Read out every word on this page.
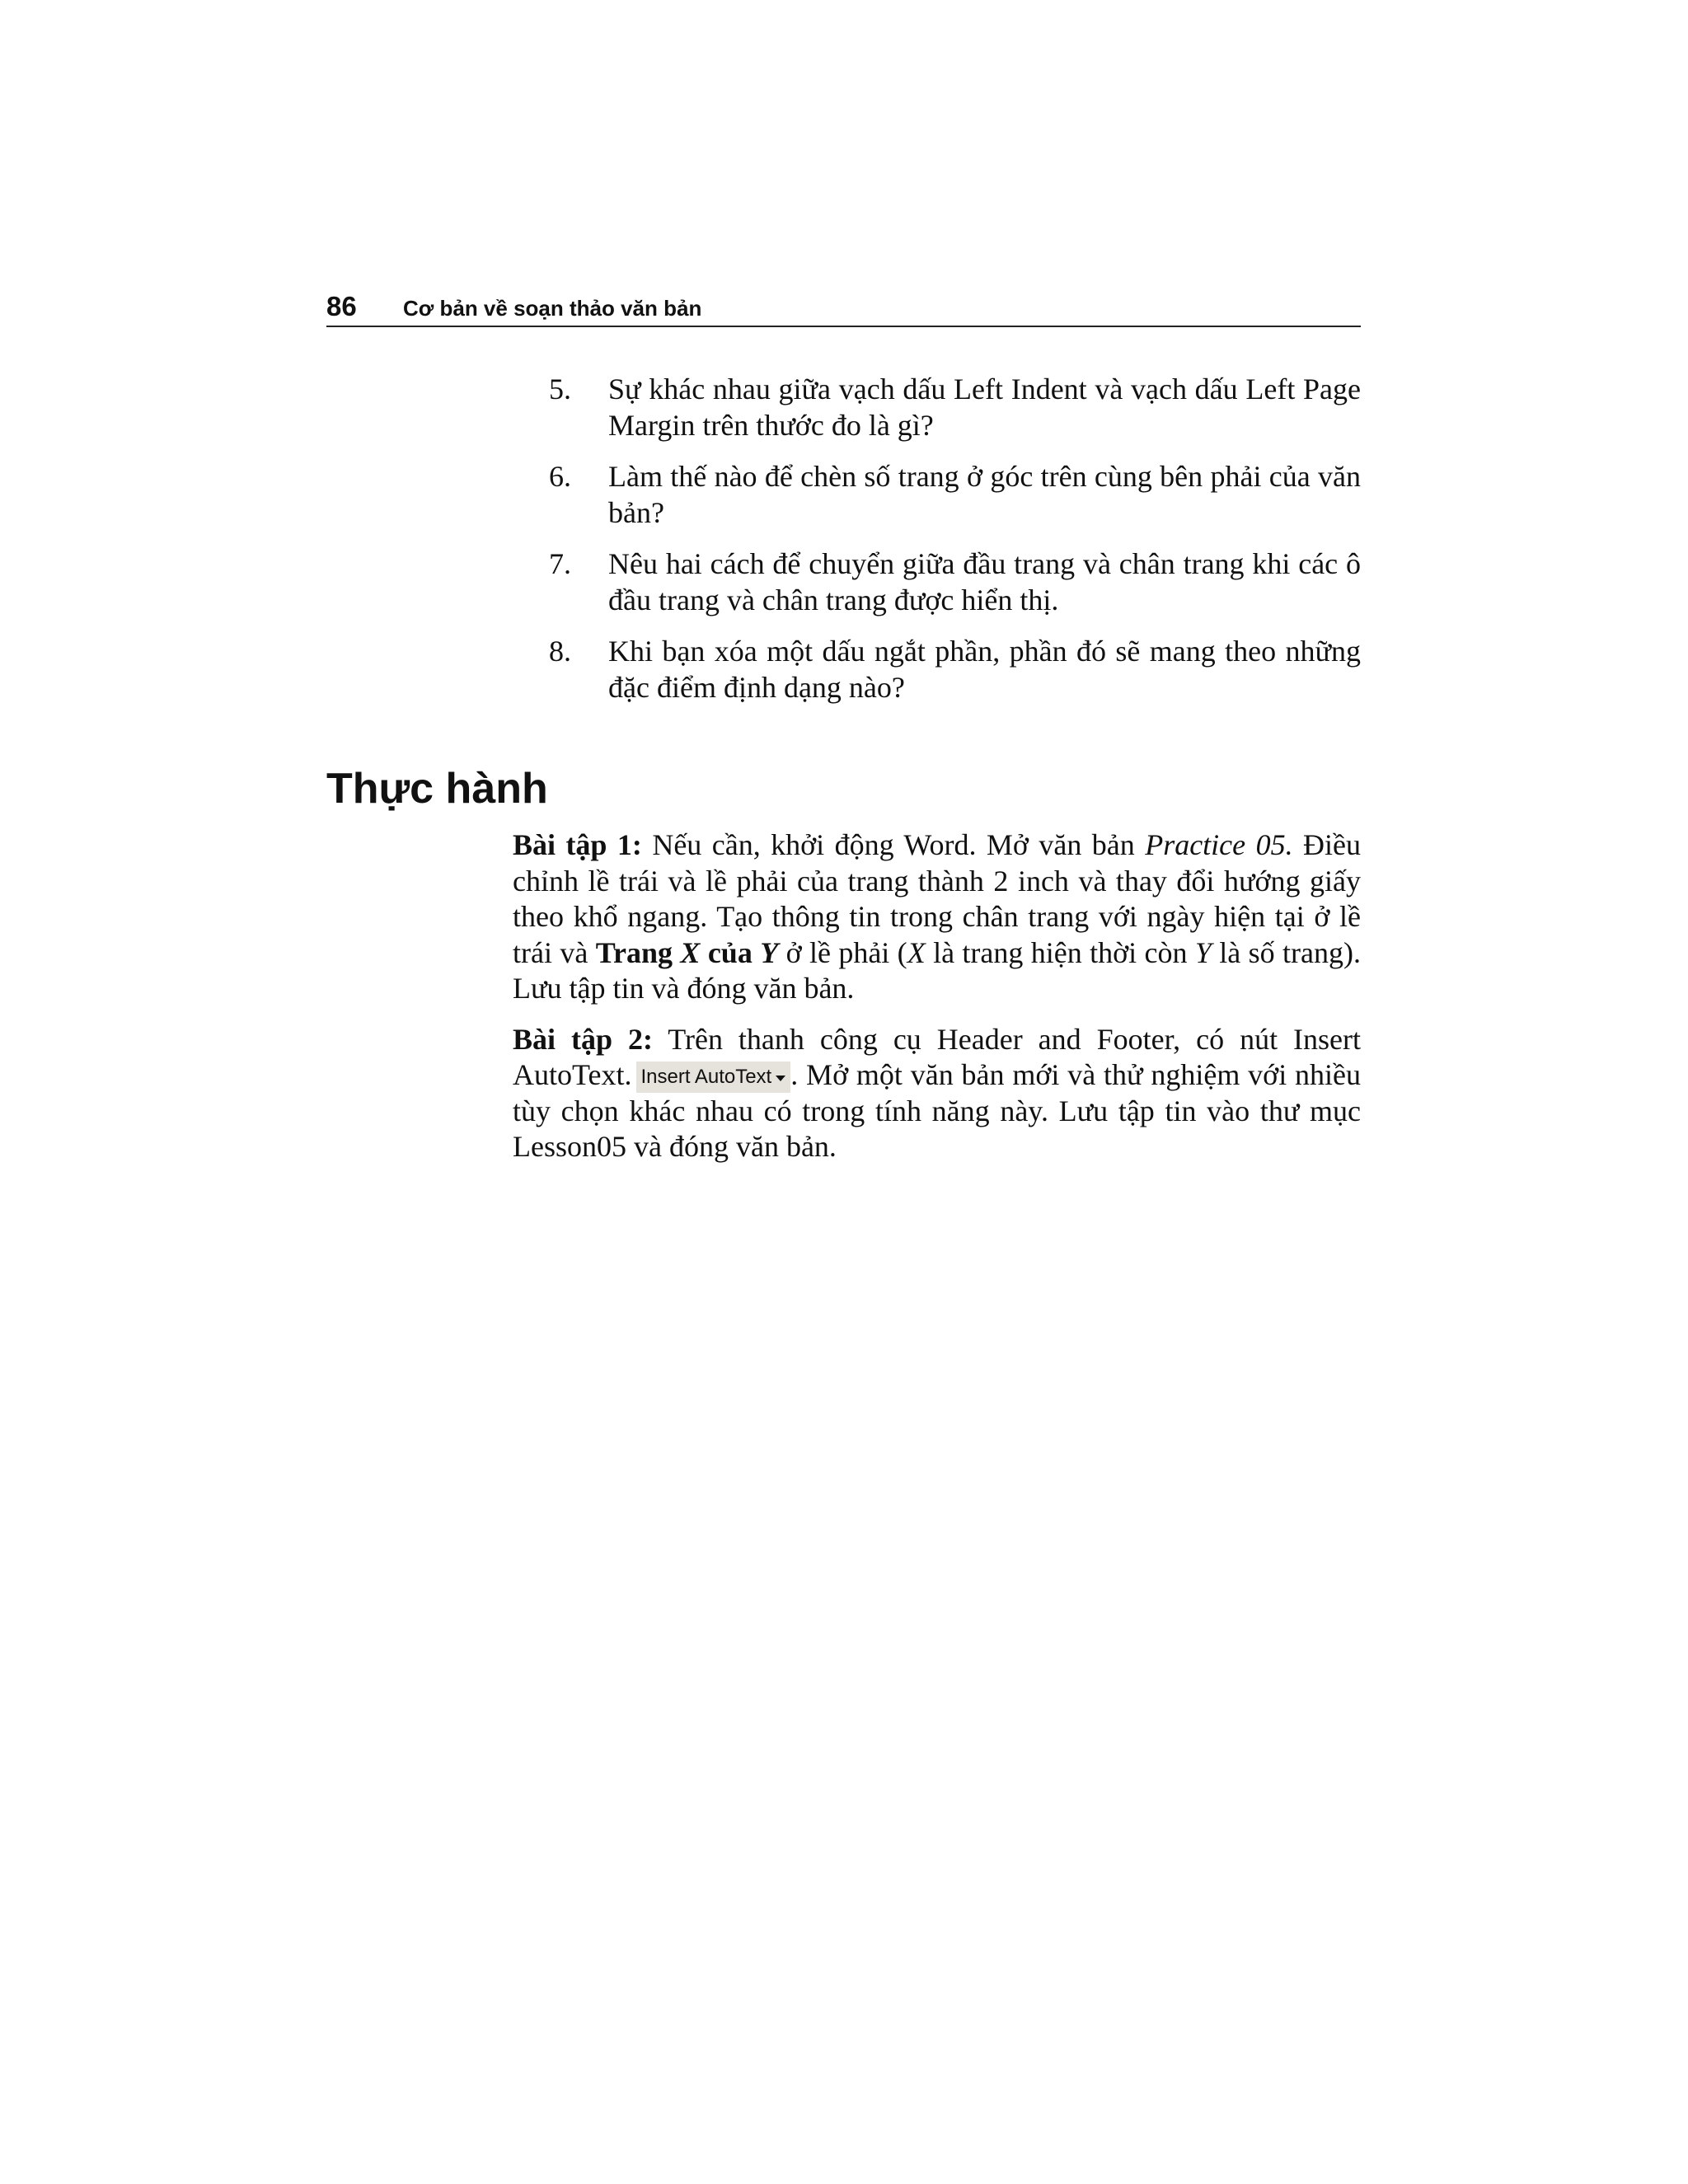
86 Cơ bản về soạn thảo văn bản
5. Sự khác nhau giữa vạch dấu Left Indent và vạch dấu Left Page Margin trên thước đo là gì?
6. Làm thế nào để chèn số trang ở góc trên cùng bên phải của văn bản?
7. Nêu hai cách để chuyển giữa đầu trang và chân trang khi các ô đầu trang và chân trang được hiển thị.
8. Khi bạn xóa một dấu ngắt phần, phần đó sẽ mang theo những đặc điểm định dạng nào?
Thực hành

Bài tập 1: Nếu cần, khởi động Word. Mở văn bản Practice 05. Điều chỉnh lề trái và lề phải của trang thành 2 inch và thay đổi hướng giấy theo khổ ngang. Tạo thông tin trong chân trang với ngày hiện tại ở lề trái và Trang X của Y ở lề phải (X là trang hiện thời còn Y là số trang). Lưu tập tin và đóng văn bản.

Bài tập 2: Trên thanh công cụ Header and Footer, có nút Insert AutoText. Insert AutoText . Mở một văn bản mới và thử nghiệm với nhiều tùy chọn khác nhau có trong tính năng này. Lưu tập tin vào thư mục Lesson05 và đóng văn bản.
